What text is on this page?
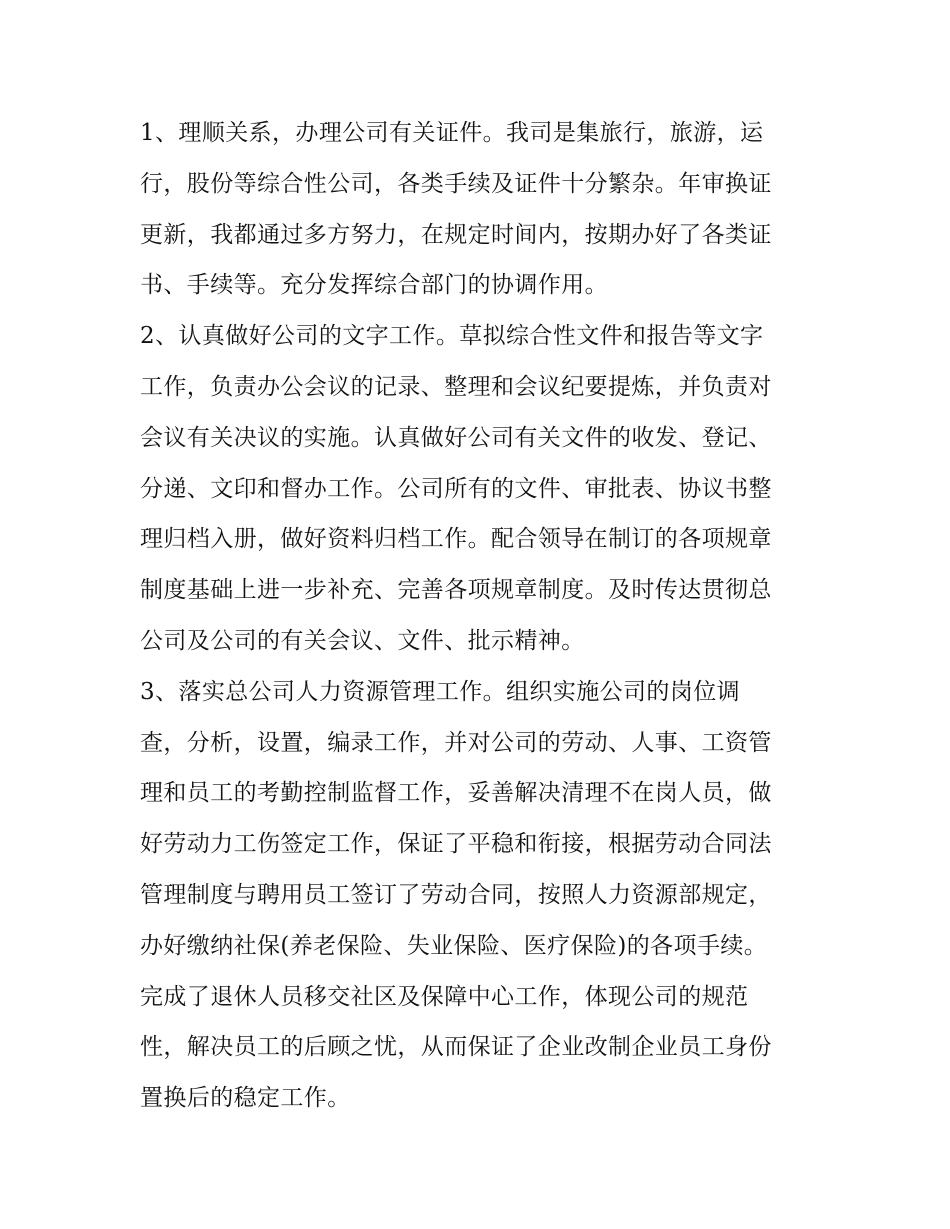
1、理顺关系，办理公司有关证件。我司是集旅行，旅游，运
行，股份等综合性公司，各类手续及证件十分繁杂。年审换证
更新，我都通过多方努力，在规定时间内，按期办好了各类证
书、手续等。充分发挥综合部门的协调作用。
2、认真做好公司的文字工作。草拟综合性文件和报告等文字
工作，负责办公会议的记录、整理和会议纪要提炼，并负责对
会议有关决议的实施。认真做好公司有关文件的收发、登记、
分递、文印和督办工作。公司所有的文件、审批表、协议书整
理归档入册，做好资料归档工作。配合领导在制订的各项规章
制度基础上进一步补充、完善各项规章制度。及时传达贯彻总
公司及公司的有关会议、文件、批示精神。
3、落实总公司人力资源管理工作。组织实施公司的岗位调
查，分析，设置，编录工作，并对公司的劳动、人事、工资管
理和员工的考勤控制监督工作，妥善解决清理不在岗人员，做
好劳动力工伤签定工作，保证了平稳和衔接，根据劳动合同法
管理制度与聘用员工签订了劳动合同，按照人力资源部规定，
办好缴纳社保(养老保险、失业保险、医疗保险)的各项手续。
完成了退休人员移交社区及保障中心工作，体现公司的规范
性，解决员工的后顾之忧，从而保证了企业改制企业员工身份
置换后的稳定工作。
